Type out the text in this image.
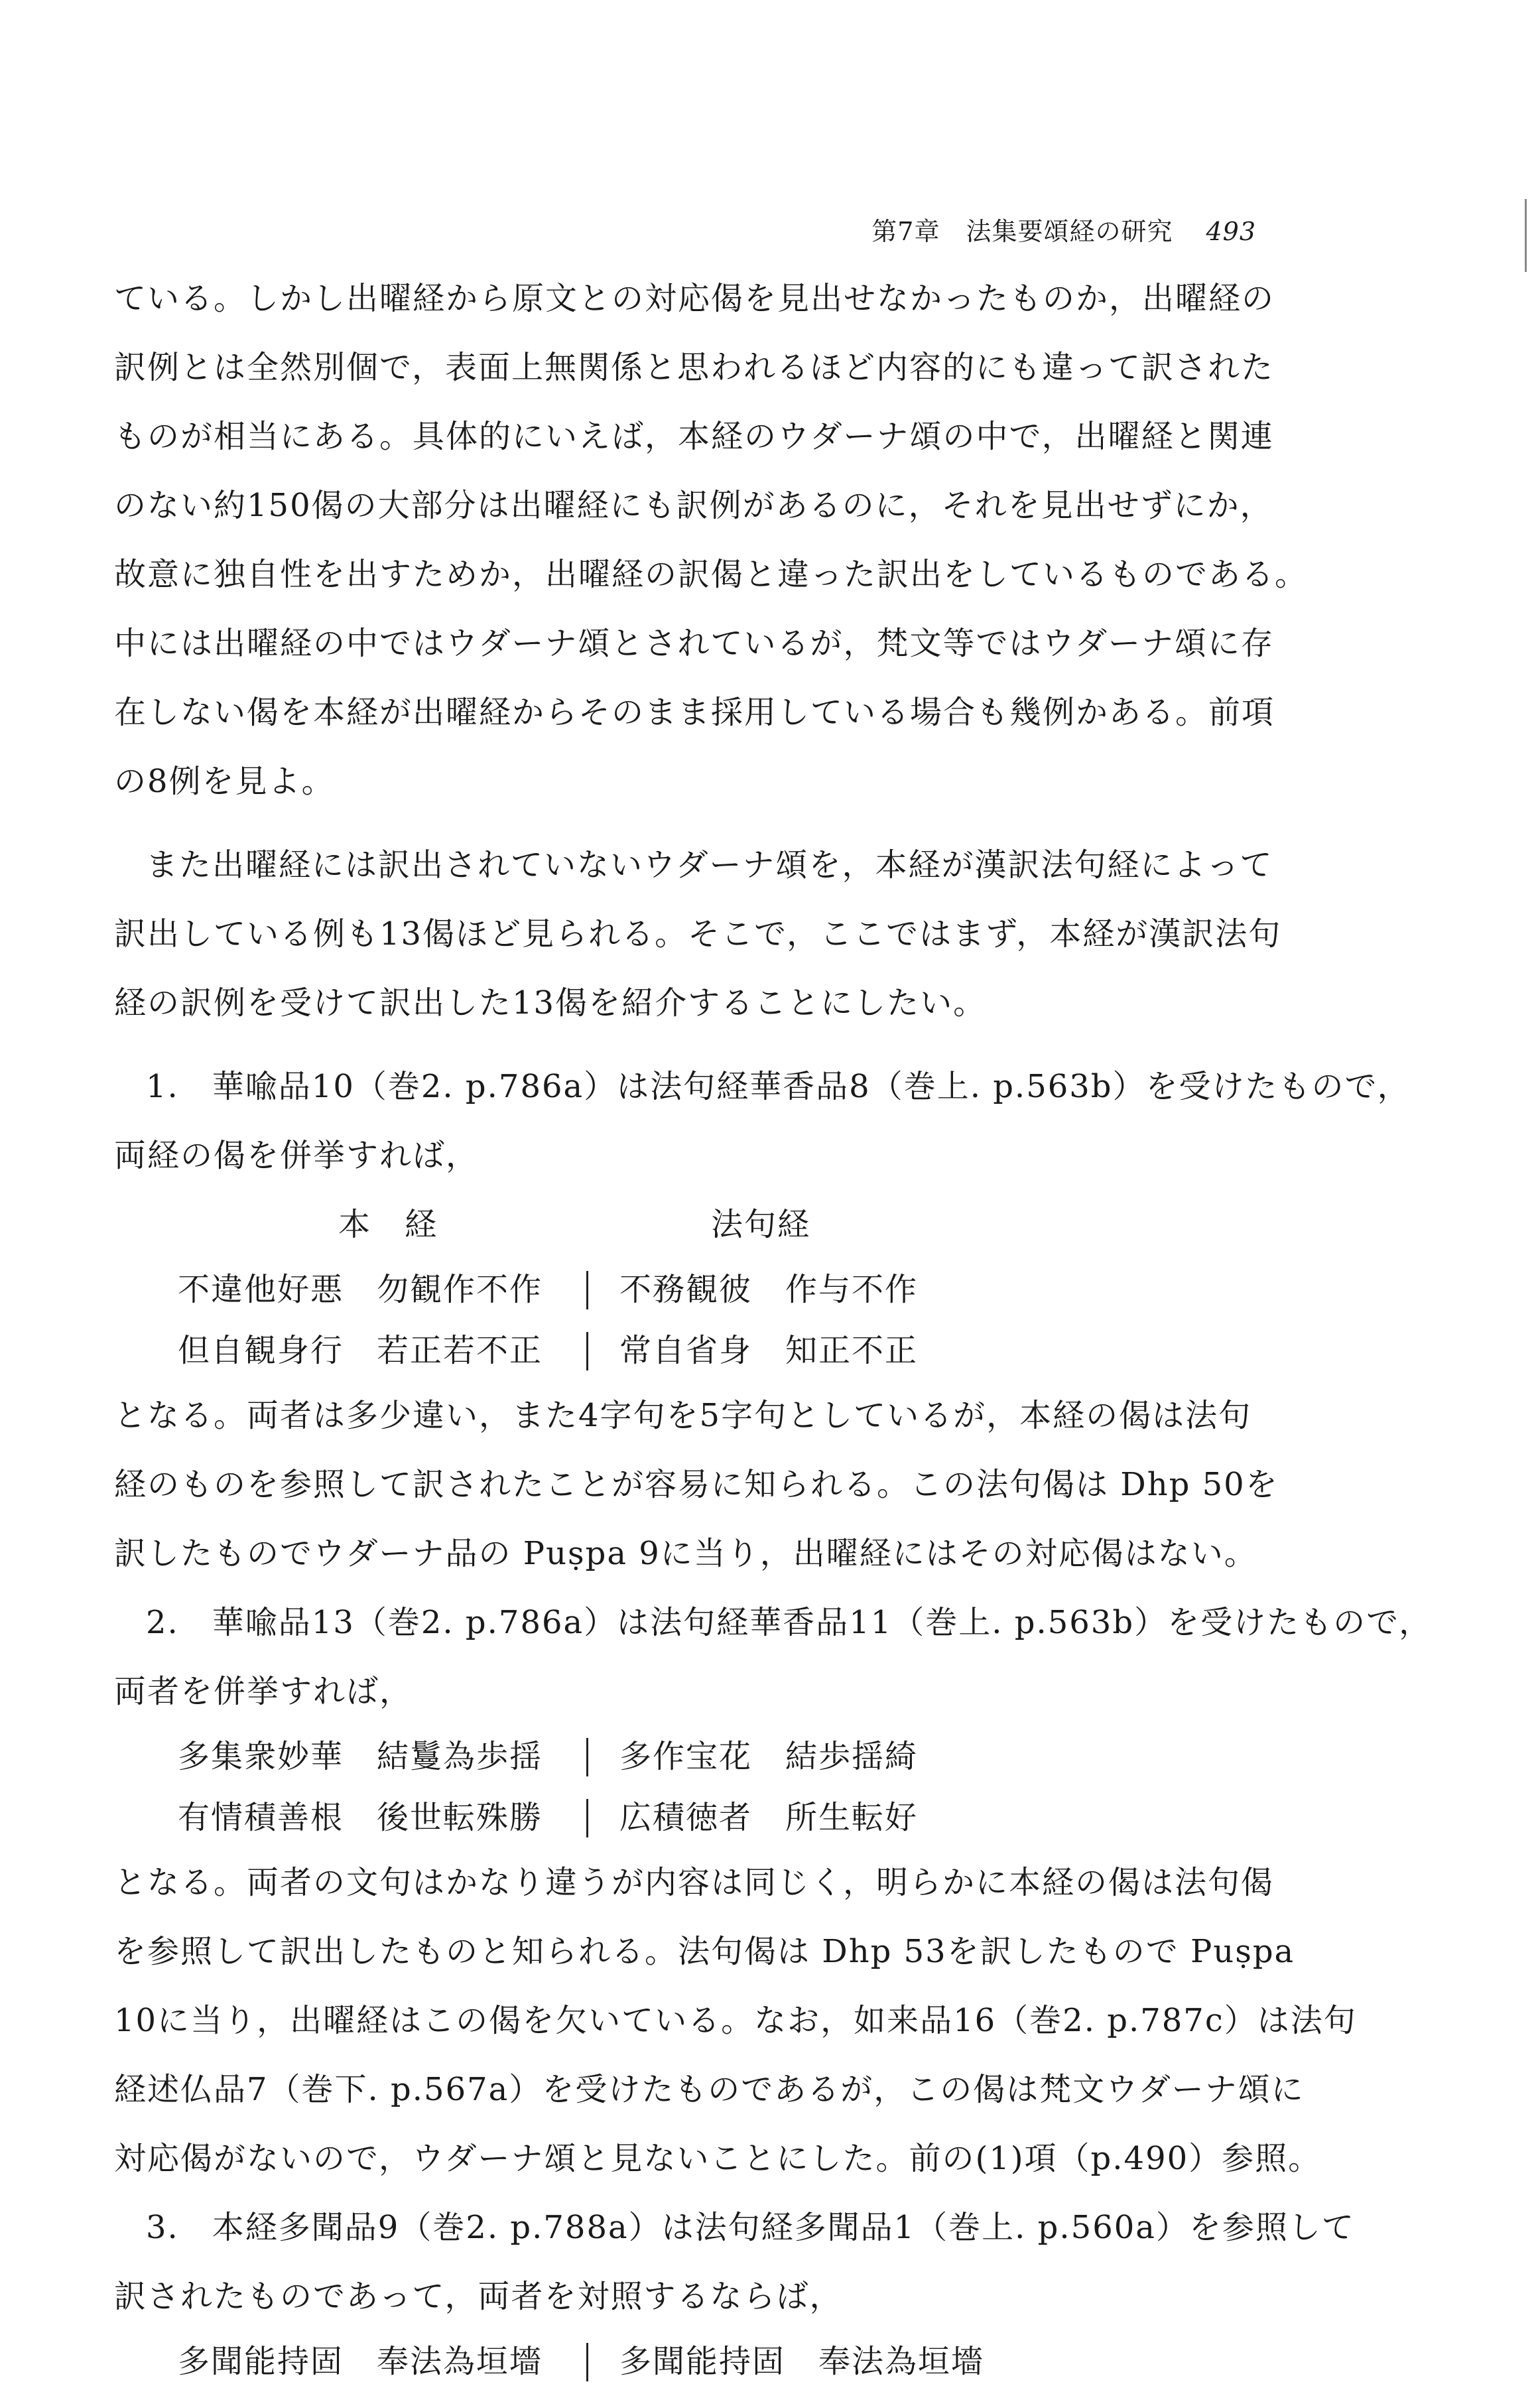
第7章　法集要頌経の研究 493
ている。しかし出曜経から原文との対応偈を見出せなかったものか，出曜経の
訳例とは全然別個で，表面上無関係と思われるほど内容的にも違って訳された
ものが相当にある。具体的にいえば，本経のウダーナ頌の中で，出曜経と関連
のない約150偈の大部分は出曜経にも訳例があるのに，それを見出せずにか，
故意に独自性を出すためか，出曜経の訳偈と違った訳出をしているものである。
中には出曜経の中ではウダーナ頌とされているが，梵文等ではウダーナ頌に存
在しない偈を本経が出曜経からそのまま採用している場合も幾例かある。前項
の8例を見よ。
また出曜経には訳出されていないウダーナ頌を，本経が漢訳法句経によって
訳出している例も13偈ほど見られる。そこで，ここではまず，本経が漢訳法句
経の訳例を受けて訳出した13偈を紹介することにしたい。
1.　華喩品10（巻2. p.786a）は法句経華香品8（巻上. p.563b）を受けたもので，
両経の偈を併挙すれば，
本　経	法句経
不違他好悪　勿観作不作 不務観彼　作与不作
但自観身行　若正若不正 常自省身　知正不正
となる。両者は多少違い，また4字句を5字句としているが，本経の偈は法句
経のものを参照して訳されたことが容易に知られる。この法句偈は Dhp 50を
訳したものでウダーナ品の Puṣpa 9に当り，出曜経にはその対応偈はない。
2.　華喩品13（巻2. p.786a）は法句経華香品11（巻上. p.563b）を受けたもので，
両者を併挙すれば，
多集衆妙華　結鬘為歩揺 多作宝花　結歩揺綺
有情積善根　後世転殊勝 広積徳者　所生転好
となる。両者の文句はかなり違うが内容は同じく，明らかに本経の偈は法句偈
を参照して訳出したものと知られる。法句偈は Dhp 53を訳したもので Puṣpa
10に当り，出曜経はこの偈を欠いている。なお，如来品16（巻2. p.787c）は法句
経述仏品7（巻下. p.567a）を受けたものであるが，この偈は梵文ウダーナ頌に
対応偈がないので，ウダーナ頌と見ないことにした。前の(1)項（p.490）参照。
3.　本経多聞品9（巻2. p.788a）は法句経多聞品1（巻上. p.560a）を参照して
訳されたものであって，両者を対照するならば，
多聞能持固　奉法為垣墻 多聞能持固　奉法為垣墻
